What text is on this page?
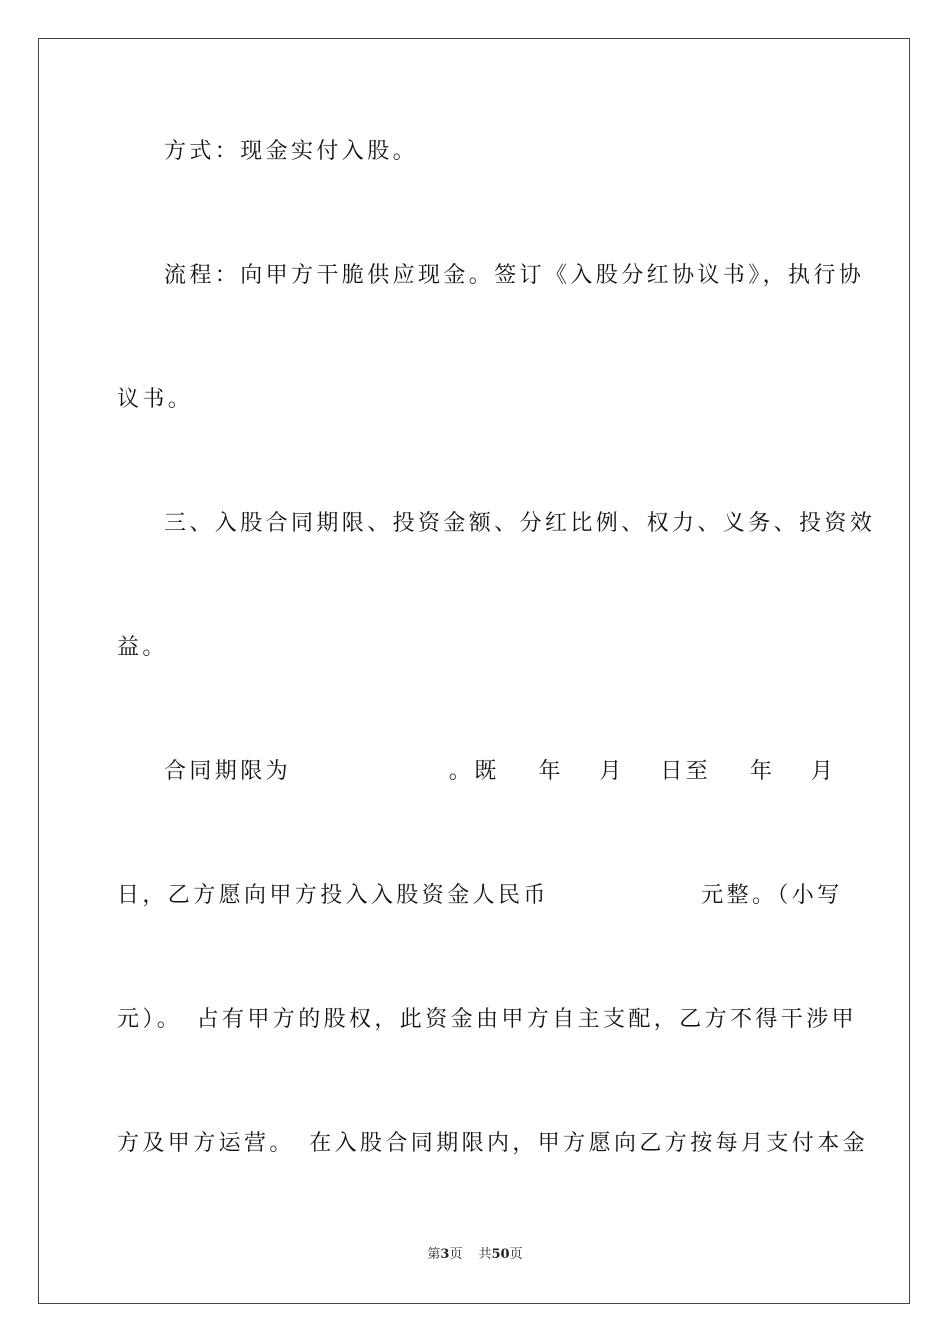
方式：现金实付入股。
流程：向甲方干脆供应现金。签订《入股分红协议书》，执行协
议书。
三、入股合同期限、投资金额、分红比例、权力、义务、投资效
益。
合同期限为	。既 年 月 日至 年 月
日，乙方愿向甲方投入入股资金人民币　　　　　　元整。（小写
元）。　占有甲方的股权，此资金由甲方自主支配，乙方不得干涉甲
方及甲方运营。　在入股合同期限内，甲方愿向乙方按每月支付本金
第3页 共50页
